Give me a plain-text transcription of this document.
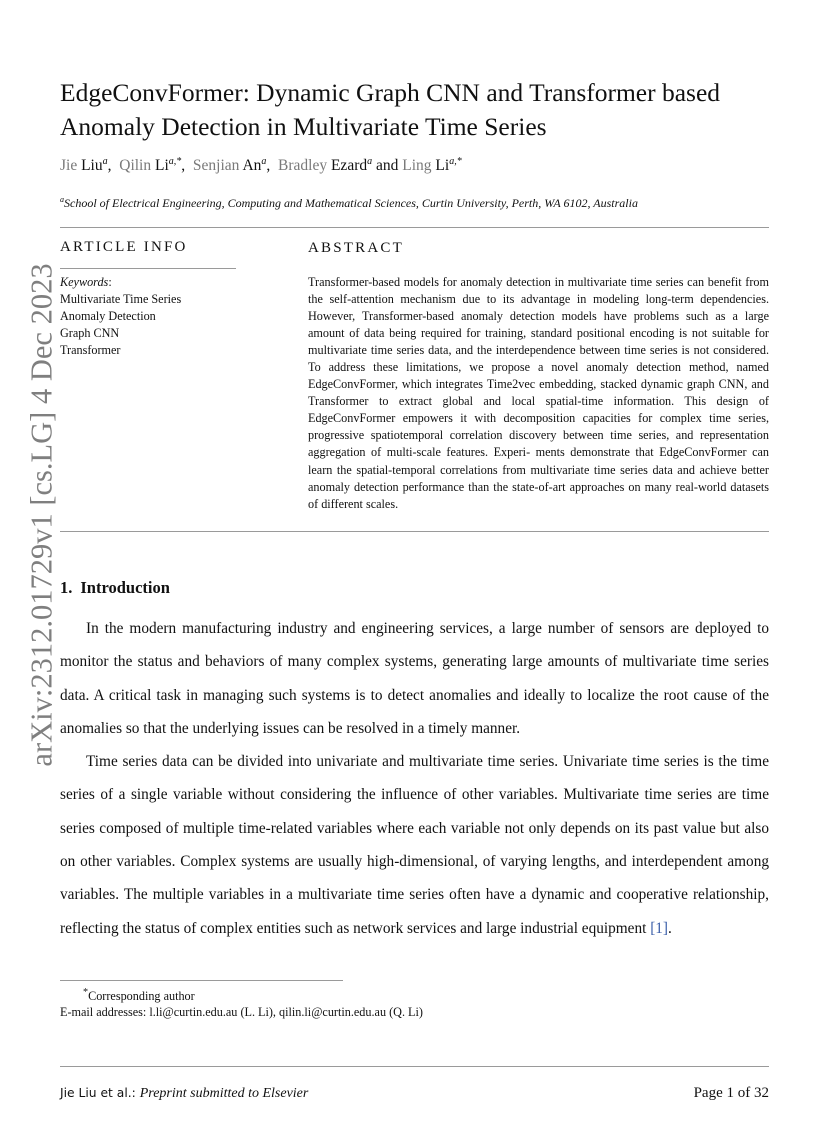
EdgeConvFormer: Dynamic Graph CNN and Transformer based Anomaly Detection in Multivariate Time Series
Jie Liu$^a$, Qilin $Li^{a,*}$, Senjian An$^a$, Bradley Ezard$^a$ and Ling $Li^{a,*}$
$^a$School of Electrical Engineering, Computing and Mathematical Sciences, Curtin University, Perth, WA 6102, Australia
ARTICLE INFO	ABSTRACT
Keywords:
Multivariate Time Series
Anomaly Detection
Graph CNN
Transformer
Transformer-based models for anomaly detection in multivariate time series can benefit from the self-attention mechanism due to its advantage in modeling long-term dependencies. However, Transformer-based anomaly detection models have problems such as a large amount of data being required for training, standard positional encoding is not suitable for multivariate time series data, and the interdependence between time series is not considered. To address these limitations, we propose a novel anomaly detection method, named EdgeConvFormer, which integrates Time2vec embedding, stacked dynamic graph CNN, and Transformer to extract global and local spatial-time information. This design of EdgeConvFormer empowers it with decomposition capacities for complex time series, progressive spatiotemporal correlation discovery between time series, and representation aggregation of multi-scale features. Experi- ments demonstrate that EdgeConvFormer can learn the spatial-temporal correlations from multivariate time series data and achieve better anomaly detection performance than the state-of-art approaches on many real-world datasets of different scales.
arXiv:2312.01729v1 [cs.LG] 4 Dec 2023 1. Introduction

In the modern manufacturing industry and engineering services, a large number of sensors are deployed to monitor the status and behaviors of many complex systems, generating large amounts of multivariate time series data. A critical task in managing such systems is to detect anomalies and ideally to localize the root cause of the anomalies so that the underlying issues can be resolved in a timely manner.

Time series data can be divided into univariate and multivariate time series. Univariate time series is the time series of a single variable without considering the influence of other variables. Multivariate time series are time series composed of multiple time-related variables where each variable not only depends on its past value but also on other variables. Complex systems are usually high-dimensional, of varying lengths, and interdependent among variables. The multiple variables in a multivariate time series often have a dynamic and cooperative relationship, reflecting the status of complex entities such as network services and large industrial equipment [1].

*Corresponding author
E-mail addresses: l.li@curtin.edu.au (L. Li), qilin.li@curtin.edu.au (Q. Li)
Jie Liu et al.: Preprint submitted to Elsevier	Page 1 of 32
